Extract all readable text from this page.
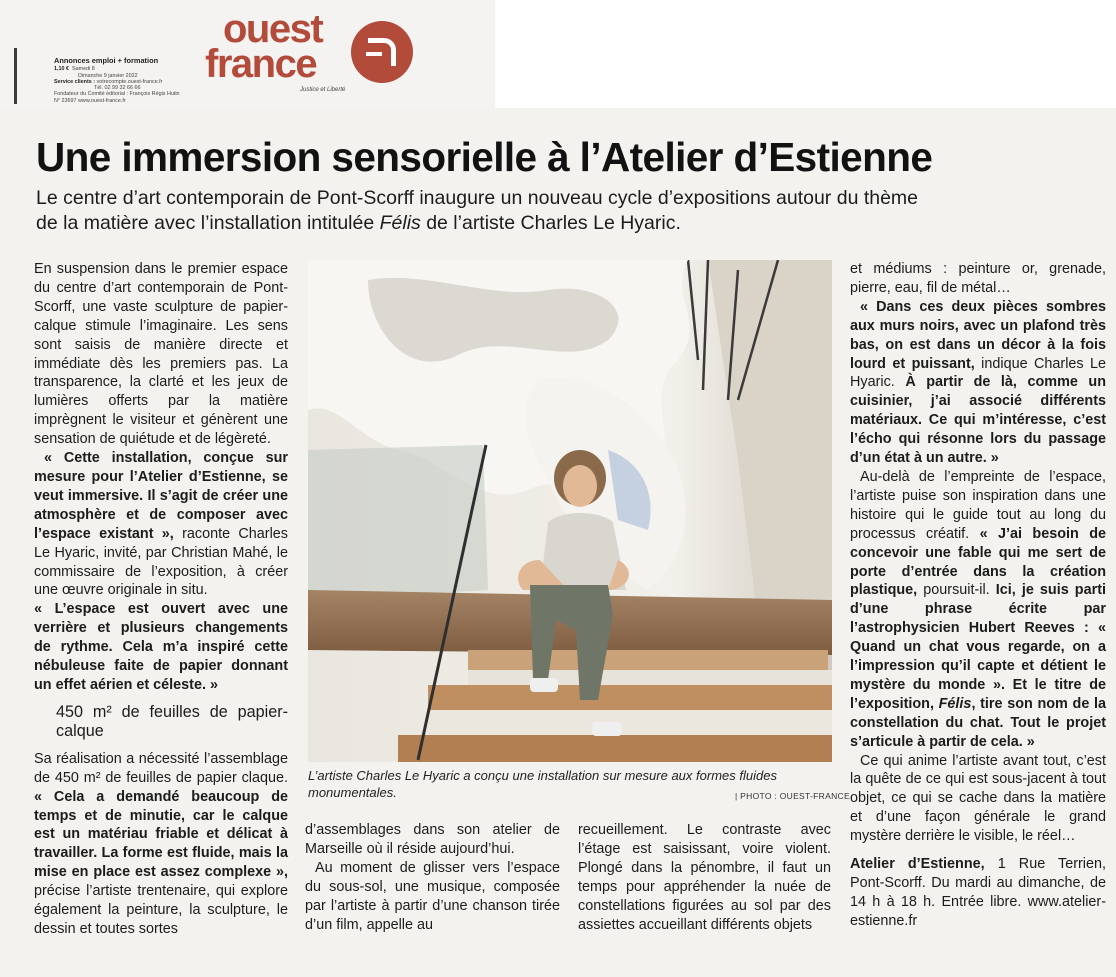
Annonces emploi + formation
1,10 € Samedi 8
Dimanche 9 janvier 2022
Service clients : votrecompte.ouest-france.fr
Tél. 02 99 32 66 66
Fondateur du Comité éditorial : François Régis Hutin
N° 23697 www.ouest-france.fr
ouest
france
Justice et Liberté
Une immersion sensorielle à l’Atelier d’Estienne

Le centre d’art contemporain de Pont-Scorff inaugure un nouveau cycle d’expositions autour du thème de la matière avec l’installation intitulée Félis de l’artiste Charles Le Hyaric.

En suspension dans le premier espace du centre d’art contemporain de Pont-Scorff, une vaste sculpture de papier-calque stimule l’imaginaire. Les sens sont saisis de manière directe et immédiate dès les premiers pas. La transparence, la clarté et les jeux de lumières offerts par la matière imprègnent le visiteur et génèrent une sensation de quiétude et de légèreté.

« Cette installation, conçue sur mesure pour l’Atelier d’Estienne, se veut immersive. Il s’agit de créer une atmosphère et de composer avec l’espace existant », raconte Charles Le Hyaric, invité, par Christian Mahé, le commissaire de l’exposition, à créer une œuvre originale in situ.

« L’espace est ouvert avec une verrière et plusieurs changements de rythme. Cela m’a inspiré cette nébuleuse faite de papier donnant un effet aérien et céleste. »

450 m² de feuilles de papier-calque

Sa réalisation a nécessité l’assemblage de 450 m² de feuilles de papier claque. « Cela a demandé beaucoup de temps et de minutie, car le calque est un matériau friable et délicat à travailler. La forme est fluide, mais la mise en place est assez complexe », précise l’artiste trentenaire, qui explore également la peinture, la sculpture, le dessin et toutes sortes

L’artiste Charles Le Hyaric a conçu une installation sur mesure aux formes fluides monumentales.	| PHOTO : OUEST-FRANCE

d’assemblages dans son atelier de Marseille où il réside aujourd’hui.

Au moment de glisser vers l’espace du sous-sol, une musique, composée par l’artiste à partir d’une chanson tirée d’un film, appelle au

recueillement. Le contraste avec l’étage est saisissant, voire violent. Plongé dans la pénombre, il faut un temps pour appréhender la nuée de constellations figurées au sol par des assiettes accueillant différents objets

et médiums : peinture or, grenade, pierre, eau, fil de métal…

« Dans ces deux pièces sombres aux murs noirs, avec un plafond très bas, on est dans un décor à la fois lourd et puissant, indique Charles Le Hyaric. À partir de là, comme un cuisinier, j’ai associé différents matériaux. Ce qui m’intéresse, c’est l’écho qui résonne lors du passage d’un état à un autre. »

Au-delà de l’empreinte de l’espace, l’artiste puise son inspiration dans une histoire qui le guide tout au long du processus créatif. « J’ai besoin de concevoir une fable qui me sert de porte d’entrée dans la création plastique, poursuit-il. Ici, je suis parti d’une phrase écrite par l’astrophysicien Hubert Reeves : « Quand un chat vous regarde, on a l’impression qu’il capte et détient le mystère du monde ». Et le titre de l’exposition, Félis, tire son nom de la constellation du chat. Tout le projet s’articule à partir de cela. »

Ce qui anime l’artiste avant tout, c’est la quête de ce qui est sous-jacent à tout objet, ce qui se cache dans la matière et d’une façon générale le grand mystère derrière le visible, le réel…

Atelier d’Estienne, 1 Rue Terrien, Pont-Scorff. Du mardi au dimanche, de 14 h à 18 h. Entrée libre. www.atelier-estienne.fr
